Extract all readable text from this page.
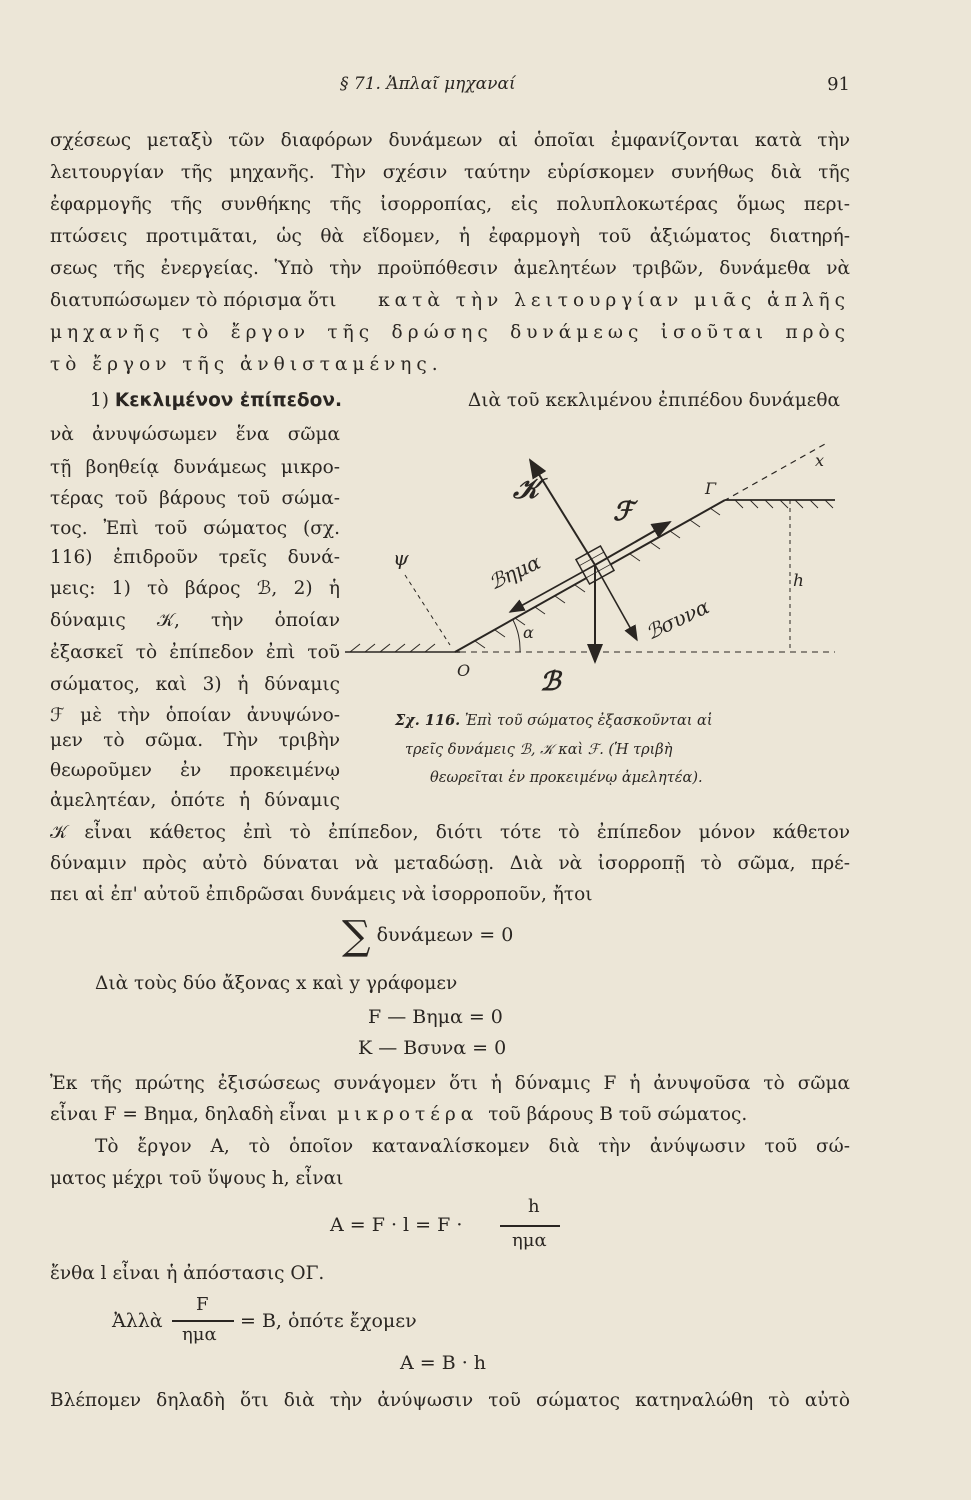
§ 71. Ἁπλαῖ μηχαναί	91
σχέσεως μεταξὺ τῶν διαφόρων δυνάμεων αἱ ὁποῖαι ἐμφανίζονται κατὰ τὴν
λειτουργίαν τῆς μηχανῆς. Τὴν σχέσιν ταύτην εὑρίσκομεν συνήθως διὰ τῆς
ἐφαρμογῆς τῆς συνθήκης τῆς ἰσορροπίας, εἰς πολυπλοκωτέρας ὅμως περι-
πτώσεις προτιμᾶται, ὡς θὰ εἴδομεν, ἡ ἐφαρμογὴ τοῦ ἀξιώματος διατηρή-
σεως τῆς ἐνεργείας. Ὑπὸ τὴν προϋπόθεσιν ἀμελητέων τριβῶν, δυνάμεθα νὰ
διατυπώσωμεν τὸ πόρισμα ὅτι κατὰ τὴν λειτουργίαν μιᾶς ἁπλῆς
μηχανῆς τὸ ἔργον τῆς δρώσης δυνάμεως ἰσοῦται πρὸς
τὸ ἔργον τῆς ἀνθισταμένης.
1) Κεκλιμένον ἐπίπεδον.	Διὰ τοῦ κεκλιμένου ἐπιπέδου δυνάμεθα
νὰ ἀνυψώσωμεν ἕνα σῶμα
τῇ βοηθείᾳ δυνάμεως μικρο-
τέρας τοῦ βάρους τοῦ σώμα-
τος. Ἐπὶ τοῦ σώματος (σχ.
116) ἐπιδροῦν τρεῖς δυνά-
μεις: 1) τὸ βάρος ℬ, 2) ἡ
δύναμις 𝒦, τὴν ὁποίαν
ἐξασκεῖ τὸ ἐπίπεδον ἐπὶ τοῦ
σώματος, καὶ 3) ἡ δύναμις
ℱ μὲ τὴν ὁποίαν ἀνυψώνο-
μεν τὸ σῶμα. Τὴν τριβὴν
θεωροῦμεν ἐν προκειμένῳ
ἀμελητέαν, ὁπότε ἡ δύναμις
𝒦
ℱ
ℬ
ℬημα
ℬσυνα
ψ
α
O
Γ
h
x
Σχ. 116. Ἐπὶ τοῦ σώματος ἐξασκοῦνται αἱ
τρεῖς δυνάμεις ℬ, 𝒦 καὶ ℱ. (Ἡ τριβὴ
θεωρεῖται ἐν προκειμένῳ ἀμελητέα).
𝒦 εἶναι κάθετος ἐπὶ τὸ ἐπίπεδον, διότι τότε τὸ ἐπίπεδον μόνον κάθετον
δύναμιν πρὸς αὐτὸ δύναται νὰ μεταδώσῃ. Διὰ νὰ ἰσορροπῇ τὸ σῶμα, πρέ-
πει αἱ ἐπ' αὐτοῦ ἐπιδρῶσαι δυνάμεις νὰ ἰσορροποῦν, ἤτοι
∑ δυνάμεων = 0
Διὰ τοὺς δύο ἄξονας x καὶ y γράφομεν
F — Bημα = 0
K — Bσυνα = 0
Ἐκ τῆς πρώτης ἐξισώσεως συνάγομεν ὅτι ἡ δύναμις F ἡ ἀνυψοῦσα τὸ σῶμα
εἶναι F = Bημα, δηλαδὴ εἶναι μικροτέρα τοῦ βάρους B τοῦ σώματος.
Τὸ ἔργον A, τὸ ὁποῖον καταναλίσκομεν διὰ τὴν ἀνύψωσιν τοῦ σώ-
ματος μέχρι τοῦ ὕψους h, εἶναι
A = F · l = F ·
h
ημα
ἔνθα l εἶναι ἡ ἀπόστασις OΓ.
Ἀλλὰ
F
ημα
= B, ὁπότε ἔχομεν
A = B · h
Βλέπομεν δηλαδὴ ὅτι διὰ τὴν ἀνύψωσιν τοῦ σώματος κατηναλώθη τὸ αὐτὸ
